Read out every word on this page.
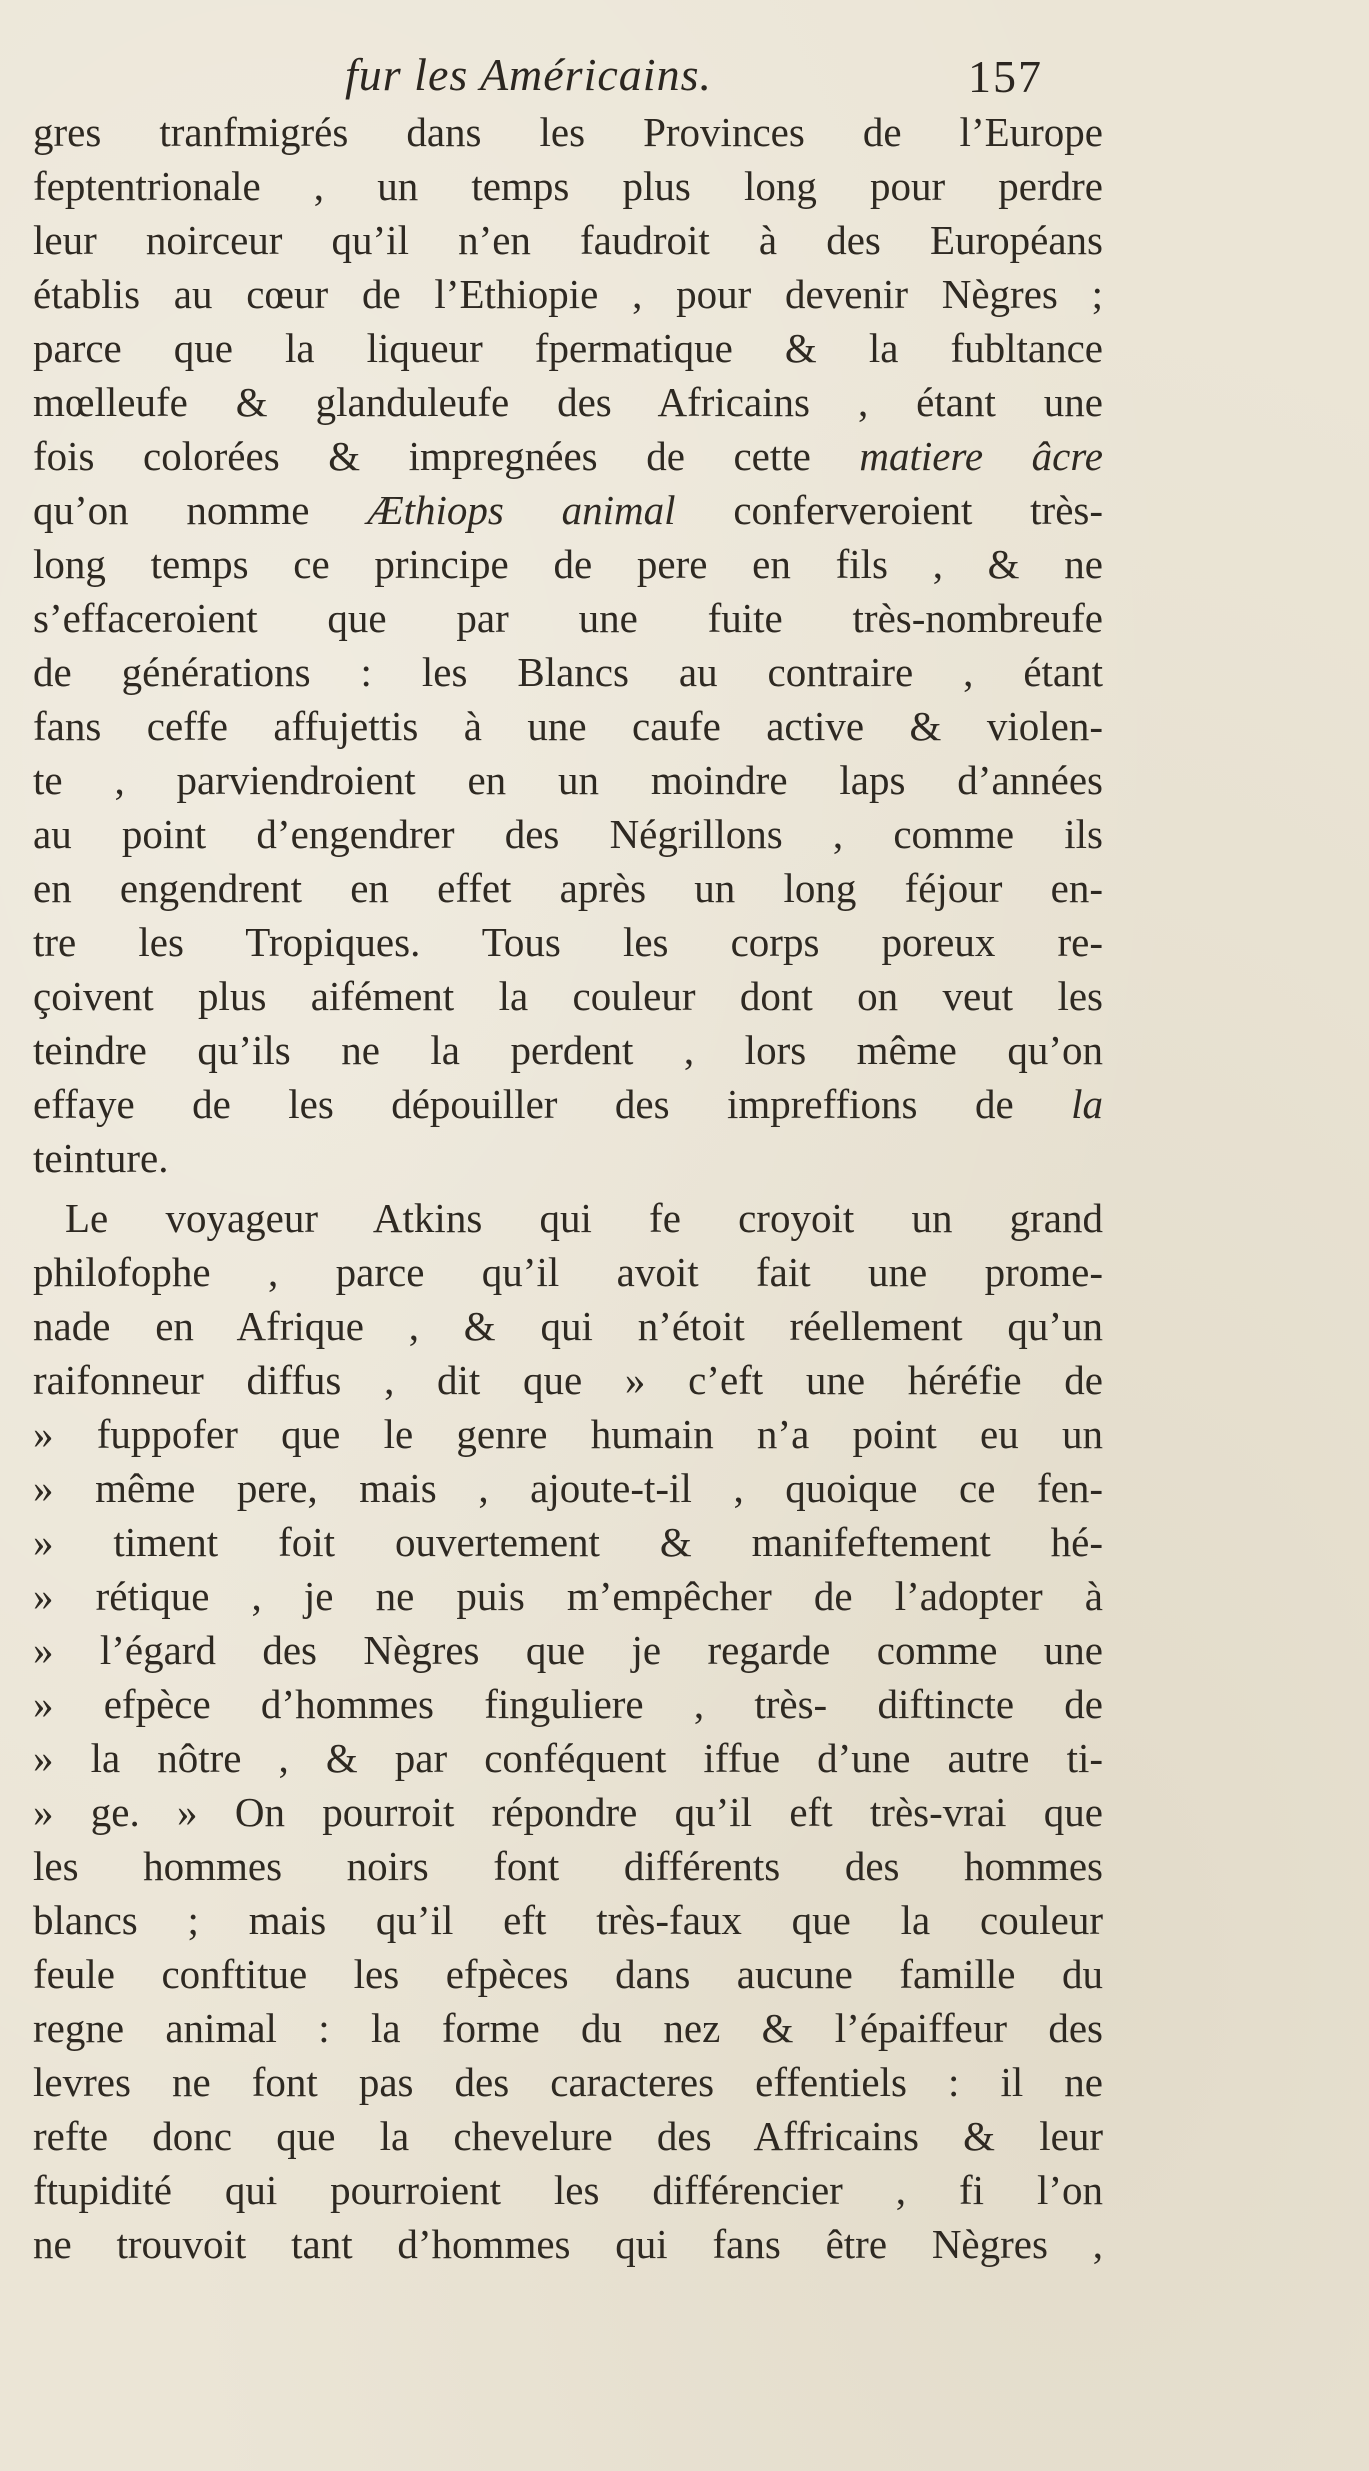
fur les Américains.	157
gres tranfmigrés dans les Provinces de l’Europe
feptentrionale , un temps plus long pour perdre
leur noirceur qu’il n’en faudroit à des Européans
établis au cœur de l’Ethiopie , pour devenir Nègres ;
parce que la liqueur fpermatique & la fubltance
mœlleufe & glanduleufe des Africains , étant une
fois colorées & impregnées de cette matiere âcre
qu’on nomme Æthiops animal conferveroient très-
long temps ce principe de pere en fils , & ne
s’effaceroient que par une fuite très-nombreufe
de générations : les Blancs au contraire , étant
fans ceffe affujettis à une caufe active & violen-
te , parviendroient en un moindre laps d’années
au point d’engendrer des Négrillons , comme ils
en engendrent en effet après un long féjour en-
tre les Tropiques. Tous les corps poreux re-
çoivent plus aifément la couleur dont on veut les
teindre qu’ils ne la perdent , lors même qu’on
effaye de les dépouiller des impreffions de la
teinture.
Le voyageur Atkins qui fe croyoit un grand
philofophe , parce qu’il avoit fait une prome-
nade en Afrique , & qui n’étoit réellement qu’un
raifonneur diffus , dit que » c’eft une héréfie de
» fuppofer que le genre humain n’a point eu un
» même pere, mais , ajoute-t-il , quoique ce fen-
» timent foit ouvertement & manifeftement hé-
» rétique , je ne puis m’empêcher de l’adopter à
» l’égard des Nègres que je regarde comme une
» efpèce d’hommes finguliere , très- diftincte de
» la nôtre , & par conféquent iffue d’une autre ti-
» ge. » On pourroit répondre qu’il eft très-vrai que
les hommes noirs font différents des hommes
blancs ; mais qu’il eft très-faux que la couleur
feule conftitue les efpèces dans aucune famille du
regne animal : la forme du nez & l’épaiffeur des
levres ne font pas des caracteres effentiels : il ne
refte donc que la chevelure des Affricains & leur
ftupidité qui pourroient les différencier , fi l’on
ne trouvoit tant d’hommes qui fans être Nègres ,
